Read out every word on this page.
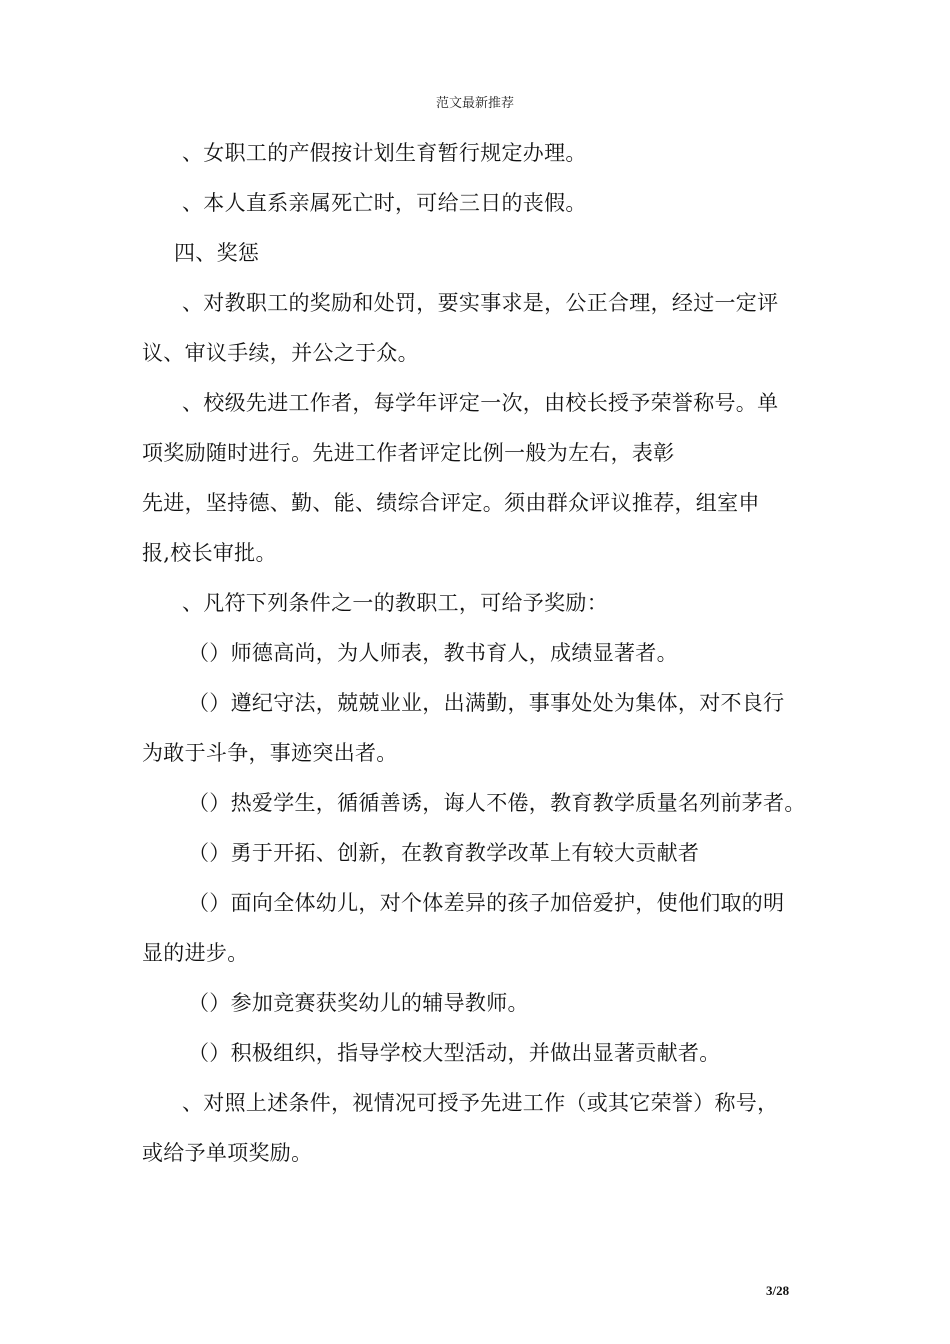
范文最新推荐
、女职工的产假按计划生育暂行规定办理。
、本人直系亲属死亡时，可给三日的丧假。
四、奖惩
、对教职工的奖励和处罚，要实事求是，公正合理，经过一定评
议、审议手续，并公之于众。
、校级先进工作者，每学年评定一次，由校长授予荣誉称号。单
项奖励随时进行。先进工作者评定比例一般为左右，表彰
先进，坚持德、勤、能、绩综合评定。须由群众评议推荐，组室申
报,校长审批。
、凡符下列条件之一的教职工，可给予奖励：
（）师德高尚，为人师表，教书育人，成绩显著者。
（）遵纪守法，兢兢业业，出满勤，事事处处为集体，对不良行
为敢于斗争，事迹突出者。
（）热爱学生，循循善诱，诲人不倦，教育教学质量名列前茅者。
（）勇于开拓、创新，在教育教学改革上有较大贡献者
（）面向全体幼儿，对个体差异的孩子加倍爱护，使他们取的明
显的进步。
（）参加竞赛获奖幼儿的辅导教师。
（）积极组织，指导学校大型活动，并做出显著贡献者。
、对照上述条件，视情况可授予先进工作（或其它荣誉）称号，
或给予单项奖励。
3/28
